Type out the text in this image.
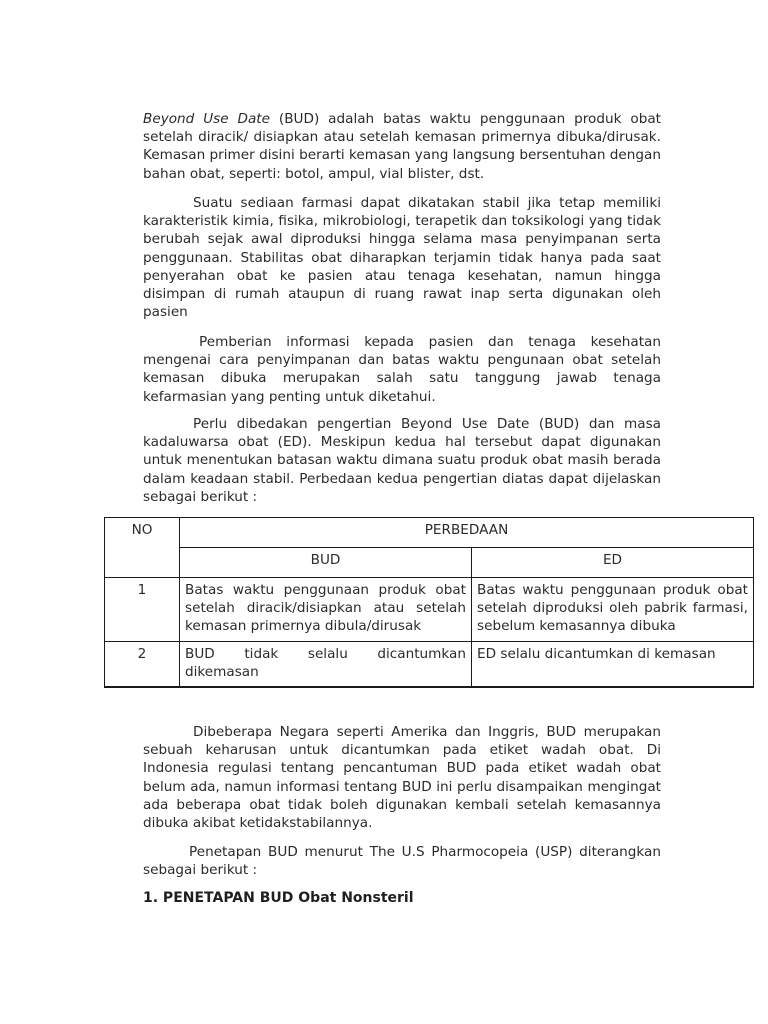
Beyond Use Date (BUD) adalah batas waktu penggunaan produk obat setelah diracik/ disiapkan atau setelah kemasan primernya dibuka/dirusak. Kemasan primer disini berarti kemasan yang langsung bersentuhan dengan bahan obat, seperti: botol, ampul, vial blister, dst.

Suatu sediaan farmasi dapat dikatakan stabil jika tetap memiliki karakteristik kimia, fisika, mikrobiologi, terapetik dan toksikologi yang tidak berubah sejak awal diproduksi hingga selama masa penyimpanan serta penggunaan. Stabilitas obat diharapkan terjamin tidak hanya pada saat penyerahan obat ke pasien atau tenaga kesehatan, namun hingga disimpan di rumah ataupun di ruang rawat inap serta digunakan oleh pasien

Pemberian informasi kepada pasien dan tenaga kesehatan mengenai cara penyimpanan dan batas waktu pengunaan obat setelah kemasan dibuka merupakan salah satu tanggung jawab tenaga kefarmasian yang penting untuk diketahui.

Perlu dibedakan pengertian Beyond Use Date (BUD) dan masa kadaluwarsa obat (ED). Meskipun kedua hal tersebut dapat digunakan untuk menentukan batasan waktu dimana suatu produk obat masih berada dalam keadaan stabil. Perbedaan kedua pengertian diatas dapat dijelaskan sebagai berikut :

NO	PERBEDAAN	
	BUD	ED
1	Batas waktu penggunaan produk obat setelah diracik/disiapkan atau setelah kemasan primernya dibula/dirusak	Batas waktu penggunaan produk obat setelah diproduksi oleh pabrik farmasi, sebelum kemasannya dibuka
2	BUD tidak selalu dicantumkan dikemasan	ED selalu dicantumkan di kemasan

Dibeberapa Negara seperti Amerika dan Inggris, BUD merupakan sebuah keharusan untuk dicantumkan pada etiket wadah obat. Di Indonesia regulasi tentang pencantuman BUD pada etiket wadah obat belum ada, namun informasi tentang BUD ini perlu disampaikan mengingat ada beberapa obat tidak boleh digunakan kembali setelah kemasannya dibuka akibat ketidakstabilannya.

Penetapan BUD menurut The U.S Pharmocopeia (USP) diterangkan sebagai berikut :

1. PENETAPAN BUD Obat Nonsteril
